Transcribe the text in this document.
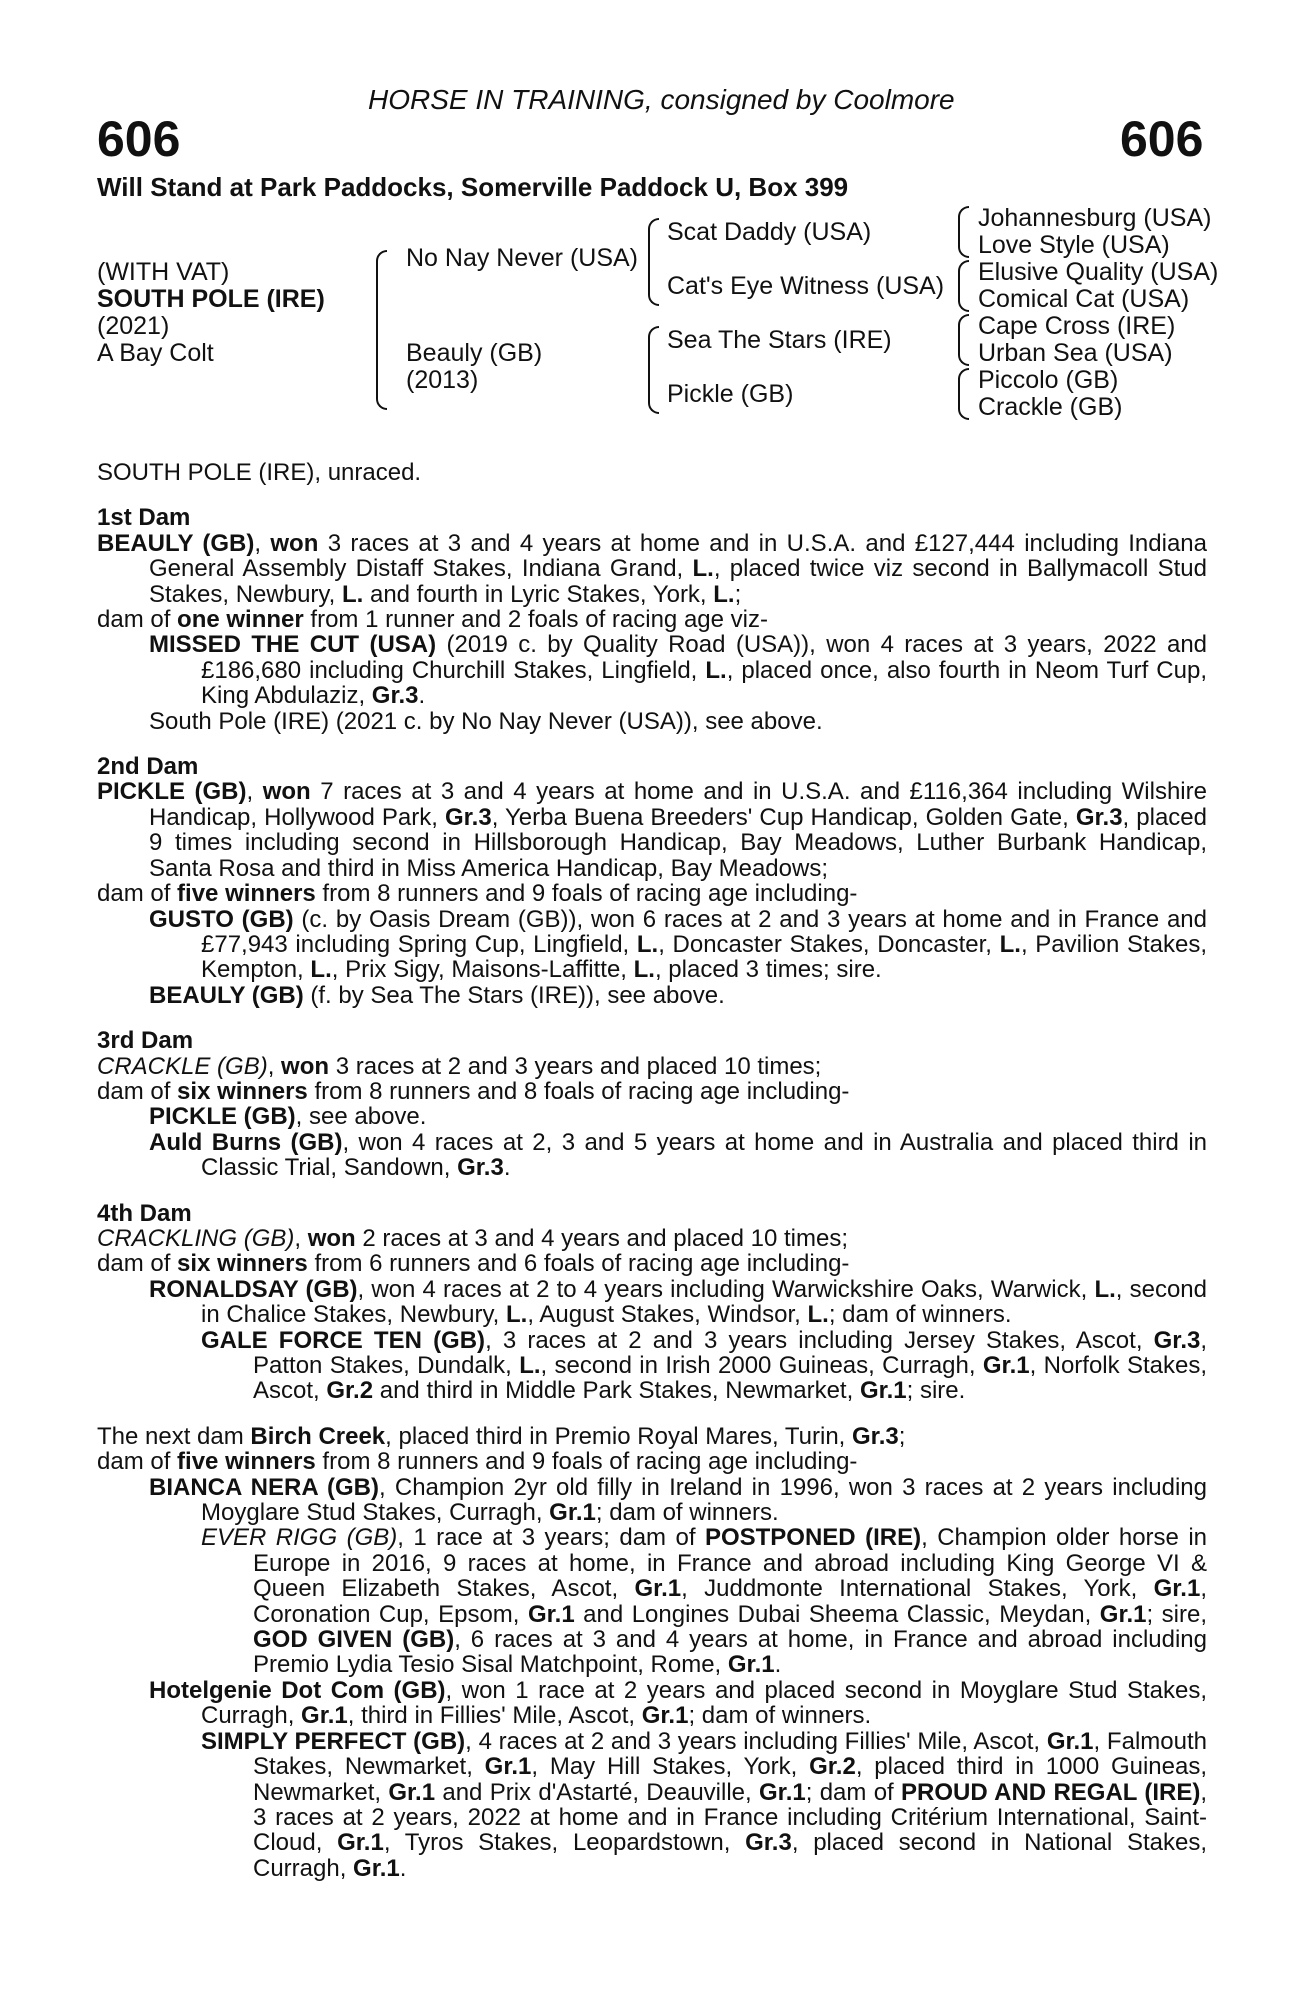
HORSE IN TRAINING, consigned by Coolmore
606	606
Will Stand at Park Paddocks, Somerville Paddock U, Box 399
(WITH VAT)
SOUTH POLE (IRE)
(2021)
A Bay Colt
No Nay Never (USA)
Beauly (GB)
(2013)
Scat Daddy (USA)
Cat's Eye Witness (USA)
Sea The Stars (IRE)
Pickle (GB)
Johannesburg (USA)
Love Style (USA)
Elusive Quality (USA)
Comical Cat (USA)
Cape Cross (IRE)
Urban Sea (USA)
Piccolo (GB)
Crackle (GB)

SOUTH POLE (IRE), unraced.

1st Dam

BEAULY (GB), won 3 races at 3 and 4 years at home and in U.S.A. and £127,444 including Indiana General Assembly Distaff Stakes, Indiana Grand, L., placed twice viz second in Ballymacoll Stud Stakes, Newbury, L. and fourth in Lyric Stakes, York, L.;

dam of one winner from 1 runner and 2 foals of racing age viz-

MISSED THE CUT (USA) (2019 c. by Quality Road (USA)), won 4 races at 3 years, 2022 and £186,680 including Churchill Stakes, Lingfield, L., placed once, also fourth in Neom Turf Cup, King Abdulaziz, Gr.3.

South Pole (IRE) (2021 c. by No Nay Never (USA)), see above.

2nd Dam

PICKLE (GB), won 7 races at 3 and 4 years at home and in U.S.A. and £116,364 including Wilshire Handicap, Hollywood Park, Gr.3, Yerba Buena Breeders' Cup Handicap, Golden Gate, Gr.3, placed 9 times including second in Hillsborough Handicap, Bay Meadows, Luther Burbank Handicap, Santa Rosa and third in Miss America Handicap, Bay Meadows;

dam of five winners from 8 runners and 9 foals of racing age including-

GUSTO (GB) (c. by Oasis Dream (GB)), won 6 races at 2 and 3 years at home and in France and £77,943 including Spring Cup, Lingfield, L., Doncaster Stakes, Doncaster, L., Pavilion Stakes, Kempton, L., Prix Sigy, Maisons-Laffitte, L., placed 3 times; sire.

BEAULY (GB) (f. by Sea The Stars (IRE)), see above.

3rd Dam

CRACKLE (GB), won 3 races at 2 and 3 years and placed 10 times;

dam of six winners from 8 runners and 8 foals of racing age including-

PICKLE (GB), see above.

Auld Burns (GB), won 4 races at 2, 3 and 5 years at home and in Australia and placed third in Classic Trial, Sandown, Gr.3.

4th Dam

CRACKLING (GB), won 2 races at 3 and 4 years and placed 10 times;

dam of six winners from 6 runners and 6 foals of racing age including-

RONALDSAY (GB), won 4 races at 2 to 4 years including Warwickshire Oaks, Warwick, L., second in Chalice Stakes, Newbury, L., August Stakes, Windsor, L.; dam of winners.

GALE FORCE TEN (GB), 3 races at 2 and 3 years including Jersey Stakes, Ascot, Gr.3, Patton Stakes, Dundalk, L., second in Irish 2000 Guineas, Curragh, Gr.1, Norfolk Stakes, Ascot, Gr.2 and third in Middle Park Stakes, Newmarket, Gr.1; sire.

The next dam Birch Creek, placed third in Premio Royal Mares, Turin, Gr.3;

dam of five winners from 8 runners and 9 foals of racing age including-

BIANCA NERA (GB), Champion 2yr old filly in Ireland in 1996, won 3 races at 2 years including Moyglare Stud Stakes, Curragh, Gr.1; dam of winners.

EVER RIGG (GB), 1 race at 3 years; dam of POSTPONED (IRE), Champion older horse in Europe in 2016, 9 races at home, in France and abroad including King George VI & Queen Elizabeth Stakes, Ascot, Gr.1, Juddmonte International Stakes, York, Gr.1, Coronation Cup, Epsom, Gr.1 and Longines Dubai Sheema Classic, Meydan, Gr.1; sire, GOD GIVEN (GB), 6 races at 3 and 4 years at home, in France and abroad including Premio Lydia Tesio Sisal Matchpoint, Rome, Gr.1.

Hotelgenie Dot Com (GB), won 1 race at 2 years and placed second in Moyglare Stud Stakes, Curragh, Gr.1, third in Fillies' Mile, Ascot, Gr.1; dam of winners.

SIMPLY PERFECT (GB), 4 races at 2 and 3 years including Fillies' Mile, Ascot, Gr.1, Falmouth Stakes, Newmarket, Gr.1, May Hill Stakes, York, Gr.2, placed third in 1000 Guineas, Newmarket, Gr.1 and Prix d'Astarté, Deauville, Gr.1; dam of PROUD AND REGAL (IRE), 3 races at 2 years, 2022 at home and in France including Critérium International, Saint-Cloud, Gr.1, Tyros Stakes, Leopardstown, Gr.3, placed second in National Stakes, Curragh, Gr.1.
